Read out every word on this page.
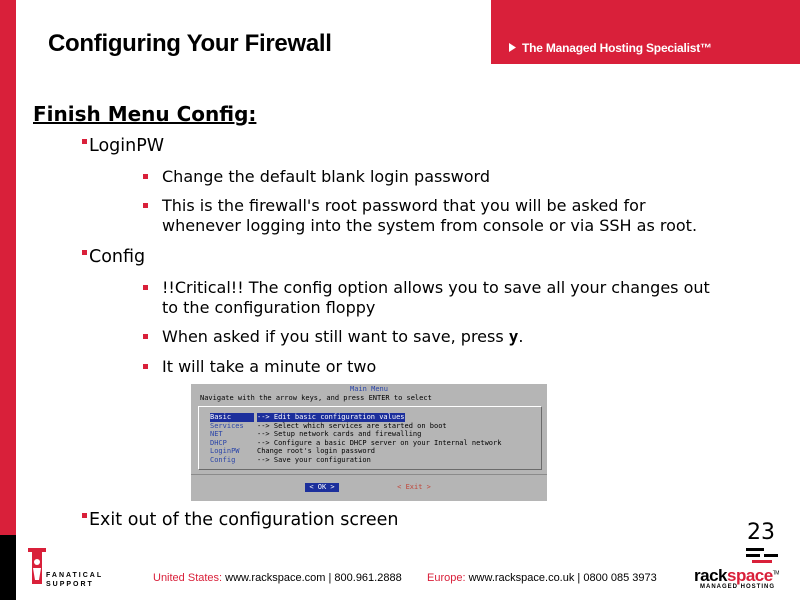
The Managed Hosting Specialist™
Configuring Your Firewall
Finish Menu Config:
LoginPW
Change the default blank login password
This is the firewall's root password that you will be asked for
whenever logging into the system from console or via SSH as root.
Config
!!Critical!! The config option allows you to save all your changes out
to the configuration floppy
When asked if you still want to save, press y.
It will take a minute or two
Main Menu
Navigate with the arrow keys, and press ENTER to select
Basic	--> Edit basic configuration values
Services	--> Select which services are started on boot
NET	--> Setup network cards and firewalling
DHCP	--> Configure a basic DHCP server on your Internal network
LoginPW	Change root's login password
Config	--> Save your configuration
< OK >	< Exit >
Exit out of the configuration screen	23
FANATICAL
SUPPORT
United States: www.rackspace.com | 800.961.2888 Europe: www.rackspace.co.uk | 0800 085 3973 rackspace™
MANAGED HOSTING
